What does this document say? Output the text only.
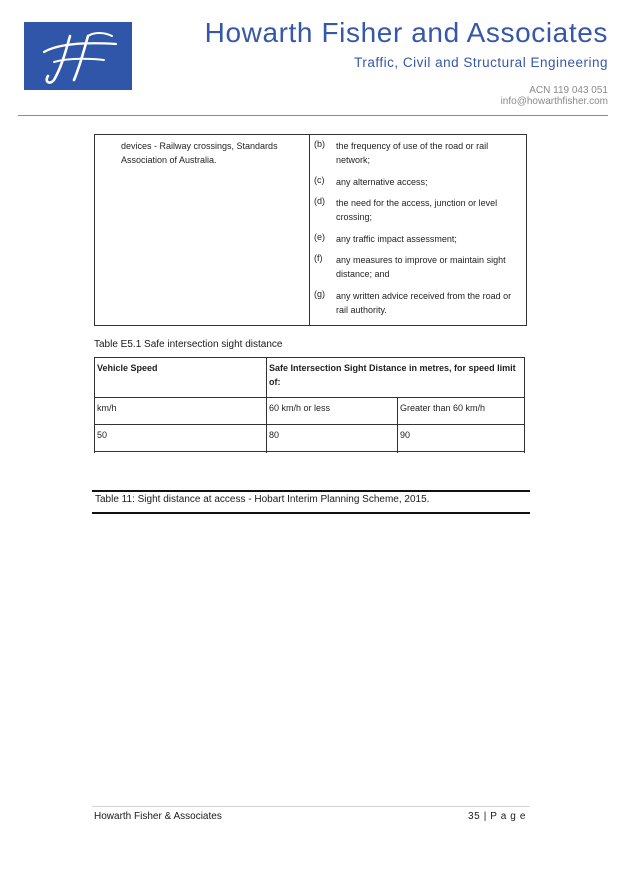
Howarth Fisher and Associates
Traffic, Civil and Structural Engineering
ACN 119 043 051
info@howarthfisher.com
devices - Railway crossings, Standards Association of Australia.
(b) the frequency of use of the road or rail network;
(c) any alternative access;
(d) the need for the access, junction or level crossing;
(e) any traffic impact assessment;
(f) any measures to improve or maintain sight distance; and
(g) any written advice received from the road or rail authority.
Table E5.1 Safe intersection sight distance
Vehicle Speed	Safe Intersection Sight Distance in metres, for speed limit of:
km/h	60 km/h or less	Greater than 60 km/h
50	80	90
Table 11: Sight distance at access - Hobart Interim Planning Scheme, 2015.
Howarth Fisher & Associates	35 | P a g e
